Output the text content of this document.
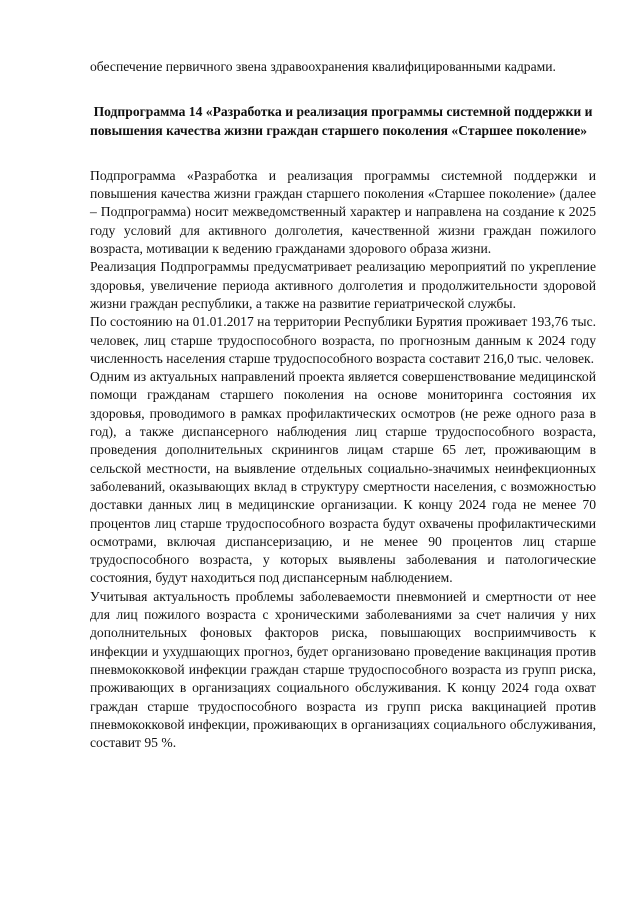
обеспечение первичного звена здравоохранения квалифицированными кадрами.

Подпрограмма 14 «Разработка и реализация программы системной поддержки и повышения качества жизни граждан старшего поколения «Старшее поколение»

Подпрограмма «Разработка и реализация программы системной поддержки и повышения качества жизни граждан старшего поколения «Старшее поколение» (далее – Подпрограмма) носит межведомственный характер и направлена на создание к 2025 году условий для активного долголетия, качественной жизни граждан пожилого возраста, мотивации к ведению гражданами здорового образа жизни.

Реализация Подпрограммы предусматривает реализацию мероприятий по укрепление здоровья, увеличение периода активного долголетия и продолжительности здоровой жизни граждан республики, а также на развитие гериатрической службы.

По состоянию на 01.01.2017 на территории Республики Бурятия проживает 193,76 тыс. человек, лиц старше трудоспособного возраста, по прогнозным данным к 2024 году численность населения старше трудоспособного возраста составит 216,0 тыс. человек.

Одним из актуальных направлений проекта является совершенствование медицинской помощи гражданам старшего поколения на основе мониторинга состояния их здоровья, проводимого в рамках профилактических осмотров (не реже одного раза в год), а также диспансерного наблюдения лиц старше трудоспособного возраста, проведения дополнительных скринингов лицам старше 65 лет, проживающим в сельской местности, на выявление отдельных социально-значимых неинфекционных заболеваний, оказывающих вклад в структуру смертности населения, с возможностью доставки данных лиц в медицинские организации. К концу 2024 года не менее 70 процентов лиц старше трудоспособного возраста будут охвачены профилактическими осмотрами, включая диспансеризацию, и не менее 90 процентов лиц старше трудоспособного возраста, у которых выявлены заболевания и патологические состояния, будут находиться под диспансерным наблюдением.

Учитывая актуальность проблемы заболеваемости пневмонией и смертности от нее для лиц пожилого возраста с хроническими заболеваниями за счет наличия у них дополнительных фоновых факторов риска, повышающих восприимчивость к инфекции и ухудшающих прогноз, будет организовано проведение вакцинация против пневмококковой инфекции граждан старше трудоспособного возраста из групп риска, проживающих в организациях социального обслуживания. К концу 2024 года охват граждан старше трудоспособного возраста из групп риска вакцинацией против пневмококковой инфекции, проживающих в организациях социального обслуживания, составит 95 %.
